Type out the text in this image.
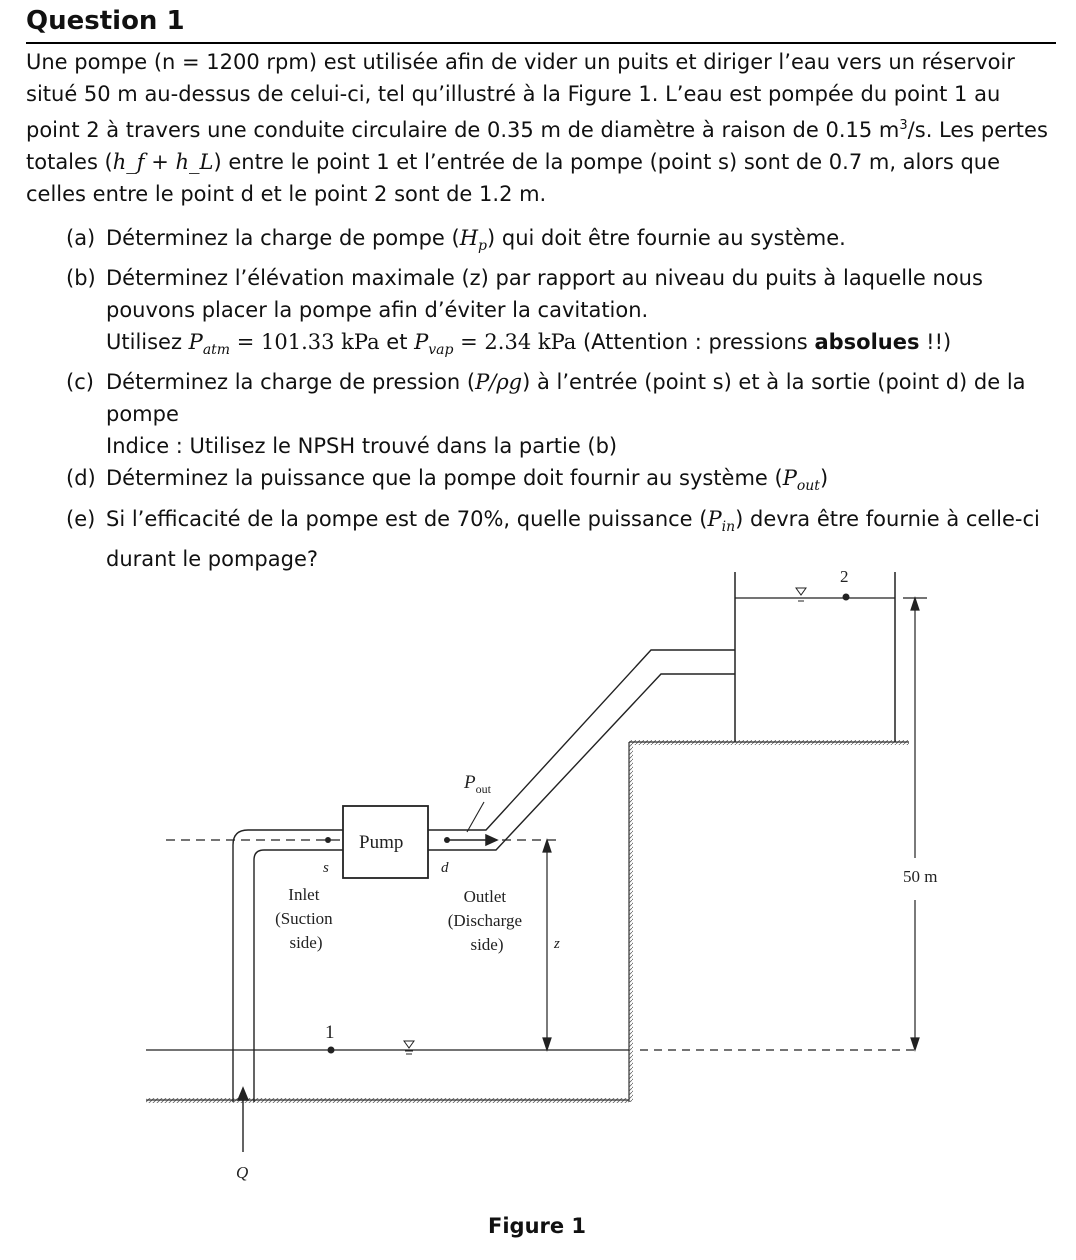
Question 1
Une pompe (n = 1200 rpm) est utilisée afin de vider un puits et diriger l’eau vers un réservoir situé 50 m au-dessus de celui-ci, tel qu’illustré à la Figure 1. L’eau est pompée du point 1 au point 2 à travers une conduite circulaire de 0.35 m de diamètre à raison de 0.15 $m^3/s$. Les pertes totales (h_f + h_L) entre le point 1 et l’entrée de la pompe (point s) sont de 0.7 m, alors que celles entre le point d et le point 2 sont de 1.2 m.
(a) Déterminez la charge de pompe $(H_p)$ qui doit être fournie au système.
(b) Déterminez l’élévation maximale (z) par rapport au niveau du puits à laquelle nous pouvons placer la pompe afin d’éviter la cavitation.
Utilisez $P_{atm} = 101.33$ kPa et $P_{vap} = 2.34$ kPa (Attention : pressions absolues !!)
(c) Déterminez la charge de pression (P/ρg) à l’entrée (point s) et à la sortie (point d) de la pompe
Indice : Utilisez le NPSH trouvé dans la partie (b)
(d) Déterminez la puissance que la pompe doit fournir au système $(P_{out})$
(e) Si l’efficacité de la pompe est de 70%, quelle puissance $(P_{in})$ devra être fournie à celle-ci durant le pompage?
2
1
s
Pump
d
$P_{out}$
Inlet (Suction side)
Outlet (Discharge side)	z
50 m
Q
Figure 1
